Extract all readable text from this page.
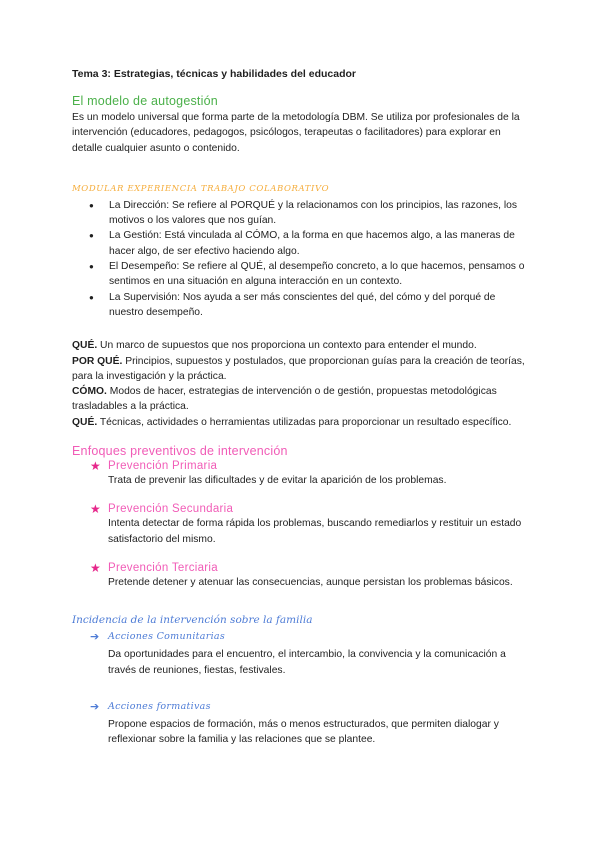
Tema 3: Estrategias, técnicas y habilidades del educador
El modelo de autogestión

Es un modelo universal que forma parte de la metodología DBM. Se utiliza por profesionales de la intervención (educadores, pedagogos, psicólogos, terapeutas o facilitadores) para explorar en detalle cualquier asunto o contenido.

MODULAR EXPERIENCIA TRABAJO COLABORATIVO
● La Dirección: Se refiere al PORQUÉ y la relacionamos con los principios, las razones, los motivos o los valores que nos guían.
● La Gestión: Está vinculada al CÓMO, a la forma en que hacemos algo, a las maneras de hacer algo, de ser efectivo haciendo algo.
● El Desempeño: Se refiere al QUÉ, al desempeño concreto, a lo que hacemos, pensamos o sentimos en una situación en alguna interacción en un contexto.
● La Supervisión: Nos ayuda a ser más conscientes del qué, del cómo y del porqué de nuestro desempeño.

QUÉ. Un marco de supuestos que nos proporciona un contexto para entender el mundo.

POR QUÉ. Principios, supuestos y postulados, que proporcionan guías para la creación de teorías, para la investigación y la práctica.

CÓMO. Modos de hacer, estrategias de intervención o de gestión, propuestas metodológicas trasladables a la práctica.

QUÉ. Técnicas, actividades o herramientas utilizadas para proporcionar un resultado específico.

Enfoques preventivos de intervención
★ Prevención Primaria
Trata de prevenir las dificultades y de evitar la aparición de los problemas.
★ Prevención Secundaria
Intenta detectar de forma rápida los problemas, buscando remediarlos y restituir un estado satisfactorio del mismo.
★ Prevención Terciaria
Pretende detener y atenuar las consecuencias, aunque persistan los problemas básicos.
Incidencia de la intervención sobre la familia
➔ Acciones Comunitarias
Da oportunidades para el encuentro, el intercambio, la convivencia y la comunicación a través de reuniones, fiestas, festivales.
➔ Acciones formativas
Propone espacios de formación, más o menos estructurados, que permiten dialogar y reflexionar sobre la familia y las relaciones que se plantee.
